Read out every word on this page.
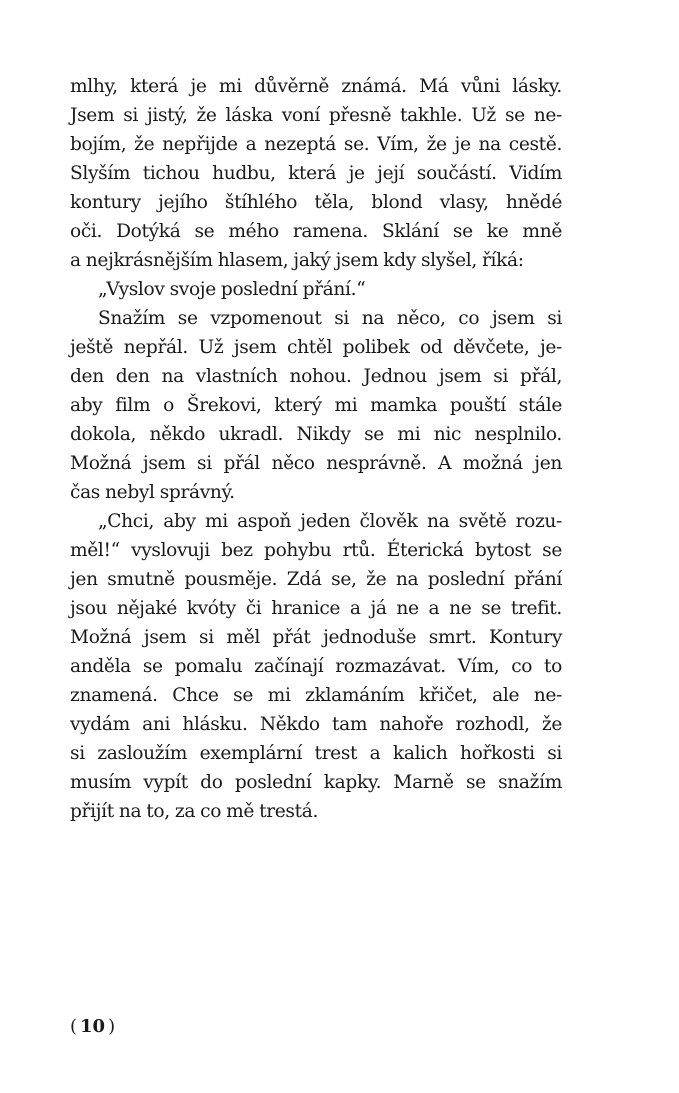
mlhy, která je mi důvěrně známá. Má vůni lásky.
Jsem si jistý, že láska voní přesně takhle. Už se ne-
bojím, že nepřijde a nezeptá se. Vím, že je na cestě.
Slyším tichou hudbu, která je její součástí. Vidím
kontury jejího štíhlého těla, blond vlasy, hnědé
oči. Dotýká se mého ramena. Sklání se ke mně
a nejkrásnějším hlasem, jaký jsem kdy slyšel, říká:
„Vyslov svoje poslední přání.“
Snažím se vzpomenout si na něco, co jsem si
ještě nepřál. Už jsem chtěl polibek od děvčete, je-
den den na vlastních nohou. Jednou jsem si přál,
aby film o Šrekovi, který mi mamka pouští stále
dokola, někdo ukradl. Nikdy se mi nic nesplnilo.
Možná jsem si přál něco nesprávně. A možná jen
čas nebyl správný.
„Chci, aby mi aspoň jeden člověk na světě rozu-
měl!“ vyslovuji bez pohybu rtů. Éterická bytost se
jen smutně pousměje. Zdá se, že na poslední přání
jsou nějaké kvóty či hranice a já ne a ne se trefit.
Možná jsem si měl přát jednoduše smrt. Kontury
anděla se pomalu začínají rozmazávat. Vím, co to
znamená. Chce se mi zklamáním křičet, ale ne-
vydám ani hlásku. Někdo tam nahoře rozhodl, že
si zasloužím exemplární trest a kalich hořkosti si
musím vypít do poslední kapky. Marně se snažím
přijít na to, za co mě trestá.
( 10 )
